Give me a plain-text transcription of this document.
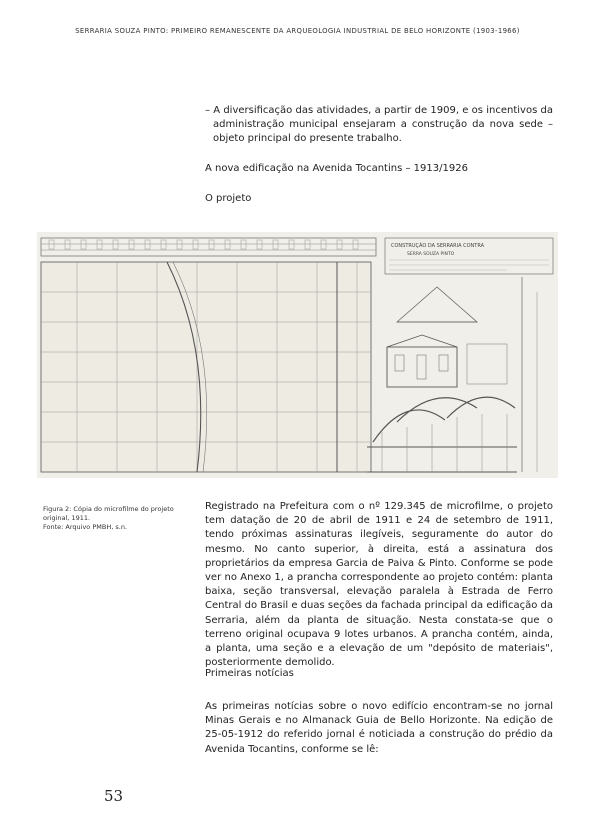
SERRARIA SOUZA PINTO: PRIMEIRO REMANESCENTE DA ARQUEOLOGIA INDUSTRIAL DE BELO HORIZONTE (1903-1966)

– A diversificação das atividades, a partir de 1909, e os incentivos da administração municipal ensejaram a construção da nova sede – objeto principal do presente trabalho.

A nova edificação na Avenida Tocantins – 1913/1926
O projeto
CONSTRUÇÃO DA SERRARIA CONTRA
SERRA SOUZA PINTO
Figura 2: Cópia do microfilme do projeto original, 1911.
Fonte: Arquivo PMBH, s.n.

Registrado na Prefeitura com o nº 129.345 de microfilme, o projeto tem datação de 20 de abril de 1911 e 24 de setembro de 1911, tendo próximas assinaturas ilegíveis, seguramente do autor do mesmo. No canto superior, à direita, está a assinatura dos proprietários da empresa Garcia de Paiva & Pinto. Conforme se pode ver no Anexo 1, a prancha correspondente ao projeto contém: planta baixa, seção transversal, elevação paralela à Estrada de Ferro Central do Brasil e duas seções da fachada principal da edificação da Serraria, além da planta de situação. Nesta constata-se que o terreno original ocupava 9 lotes urbanos. A prancha contém, ainda, a planta, uma seção e a elevação de um "depósito de materiais", posteriormente demolido.

Primeiras notícias

As primeiras notícias sobre o novo edifício encontram-se no jornal Minas Gerais e no Almanack Guia de Bello Horizonte. Na edição de 25-05-1912 do referido jornal é noticiada a construção do prédio da Avenida Tocantins, conforme se lê:

53
